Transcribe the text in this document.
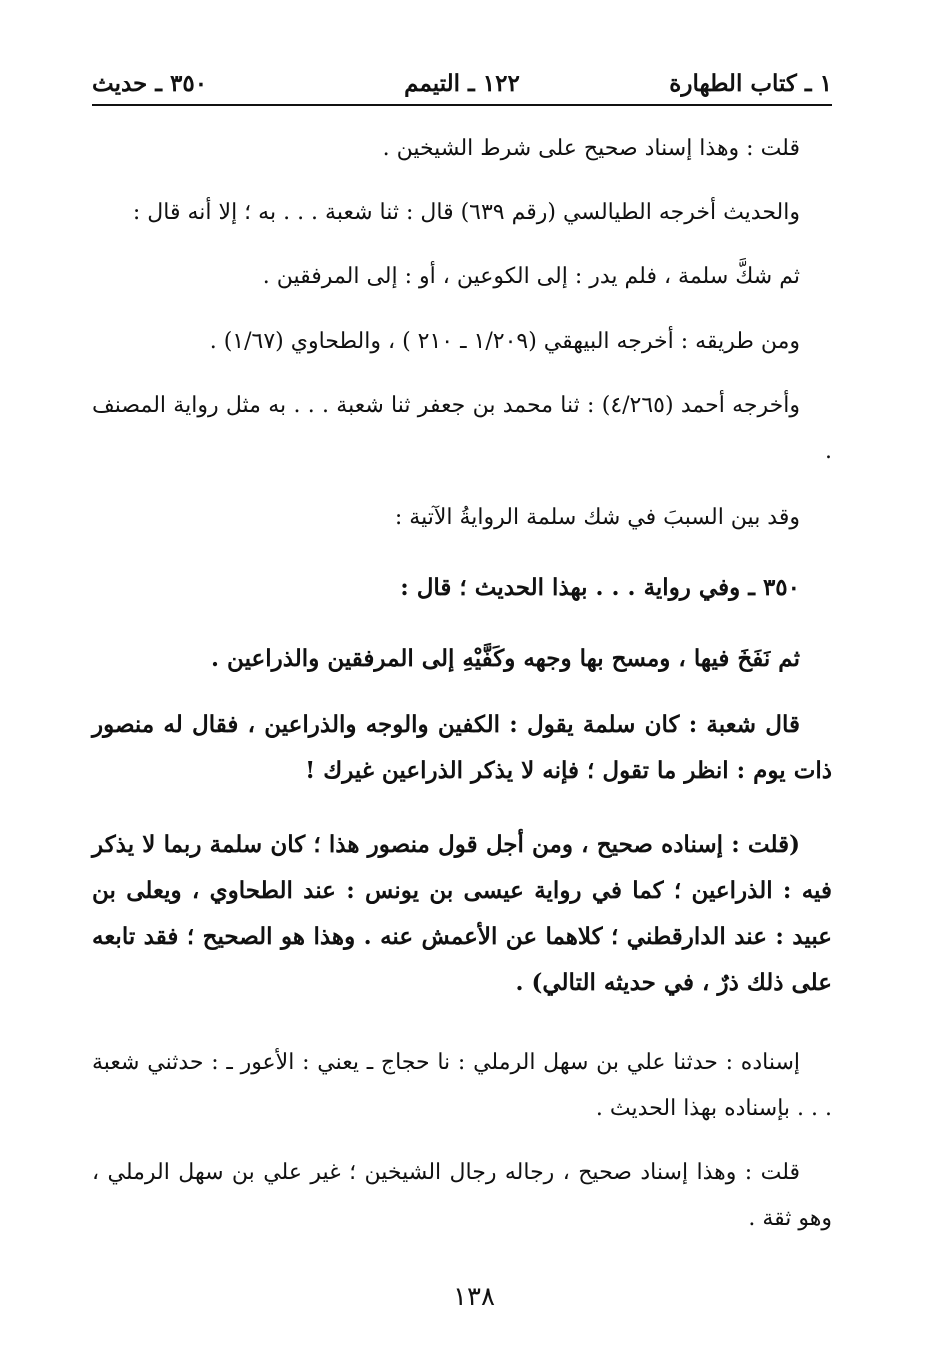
١ ـ كتاب الطهارة
١٢٢ ـ التيمم
٣٥٠ ـ حديث

قلت : وهذا إسناد صحيح على شرط الشيخين .

والحديث أخرجه الطيالسي (رقم ٦٣٩) قال : ثنا شعبة . . . به ؛ إلا أنه قال :

ثم شكَّ سلمة ، فلم يدر : إلى الكوعين ، أو : إلى المرفقين .

ومن طريقه : أخرجه البيهقي (١/٢٠٩ ـ ٢١٠ ) ، والطحاوي (١/٦٧) .

وأخرجه أحمد (٤/٢٦٥) : ثنا محمد بن جعفر ثنا شعبة . . . به مثل رواية المصنف .

وقد بين السببَ في شك سلمة الروايةُ الآتية :

٣٥٠ ـ وفي رواية . . . بهذا الحديث ؛ قال :

ثم نَفَخَ فيها ، ومسح بها وجهه وكَفَّيْهِ إلى المرفقين والذراعين .

قال شعبة : كان سلمة يقول : الكفين والوجه والذراعين ، فقال له منصور ذات يوم : انظر ما تقول ؛ فإنه لا يذكر الذراعين غيرك !

(قلت : إسناده صحيح ، ومن أجل قول منصور هذا ؛ كان سلمة ربما لا يذكر فيه : الذراعين ؛ كما في رواية عيسى بن يونس : عند الطحاوي ، ويعلى بن عبيد : عند الدارقطني ؛ كلاهما عن الأعمش عنه . وهذا هو الصحيح ؛ فقد تابعه على ذلك ذرٌ ، في حديثه التالي) .

إسناده : حدثنا علي بن سهل الرملي : نا حجاج ـ يعني : الأعور ـ : حدثني شعبة . . . بإسناده بهذا الحديث .

قلت : وهذا إسناد صحيح ، رجاله رجال الشيخين ؛ غير علي بن سهل الرملي ، وهو ثقة .

١٣٨
